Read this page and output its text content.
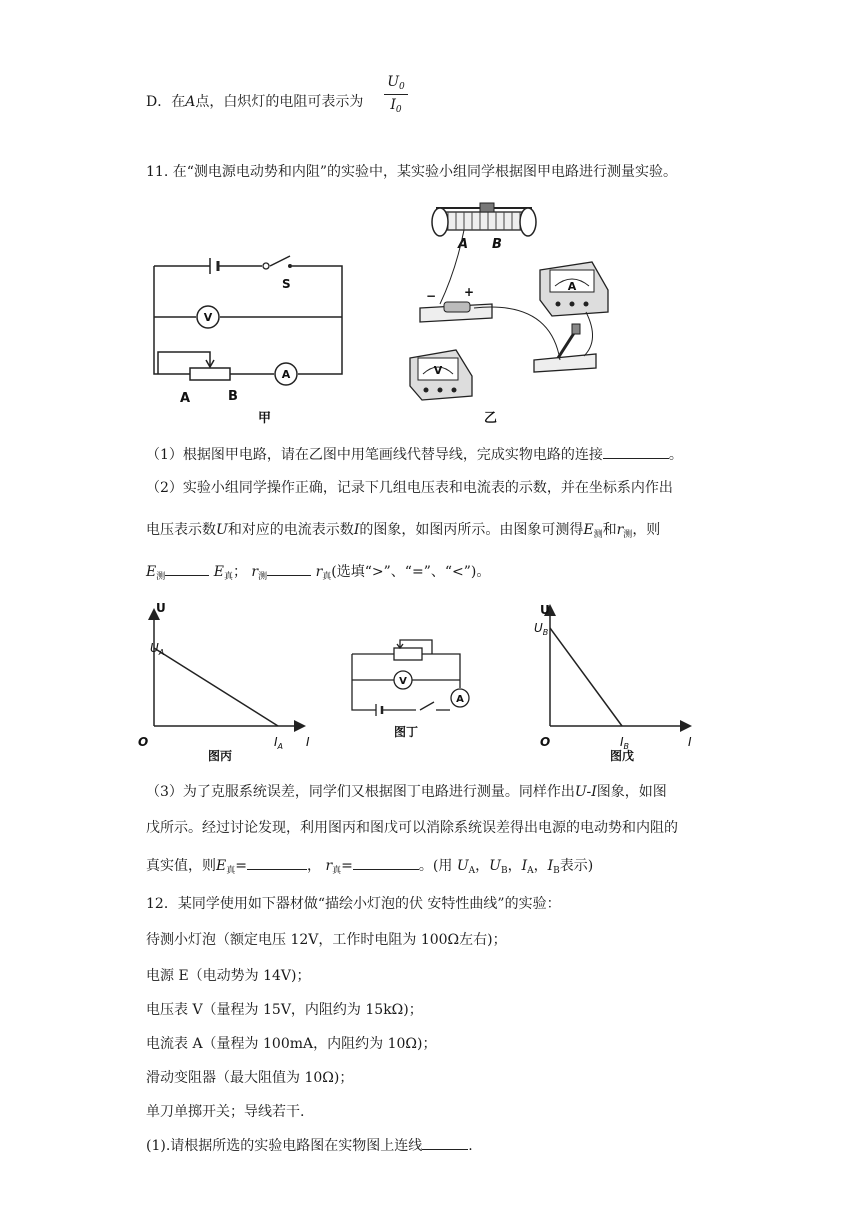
D．在A点，白炽灯的电阻可表示为
$U_0$
$I_0$
11. 在“测电源电动势和内阻”的实验中，某实验小组同学根据图甲电路进行测量实验。
S
V
A
A	B
甲
A B
A
− +
V
乙
（1）根据图甲电路，请在乙图中用笔画线代替导线，完成实物电路的连接	。
（2）实验小组同学操作正确，记录下几组电压表和电流表的示数，并在坐标系内作出
电压表示数U和对应的电流表示数I的图象，如图丙所示。由图象可测得$E_测$和$r_测$，则
$E_测$	$E_真$； $r_测$	$r_真$(选填“>”、“=”、“<”)。
U
$U_A$
O	$I_A$ I
图丙
V
A
图丁
U
$U_B$
O	$I_B$	I
图戊
（3）为了克服系统误差，同学们又根据图丁电路进行测量。同样作出U-I图象，如图
戊所示。经过讨论发现，利用图丙和图戊可以消除系统误差得出电源的电动势和内阻的
真实值，则$E_真=$	， $r_真=$	。(用 $U_A$，$U_B$，$I_A$，$I_B$表示)
12．某同学使用如下器材做“描绘小灯泡的伏 安特性曲线”的实验：
待测小灯泡（额定电压 12V，工作时电阻为 100Ω左右)；
电源 E（电动势为 14V)；
电压表 V（量程为 15V，内阻约为 15kΩ)；
电流表 A（量程为 100mA，内阻约为 10Ω)；
滑动变阻器（最大阻值为 10Ω)；
单刀单掷开关；导线若干.
(1).请根据所选的实验电路图在实物图上连线	.
